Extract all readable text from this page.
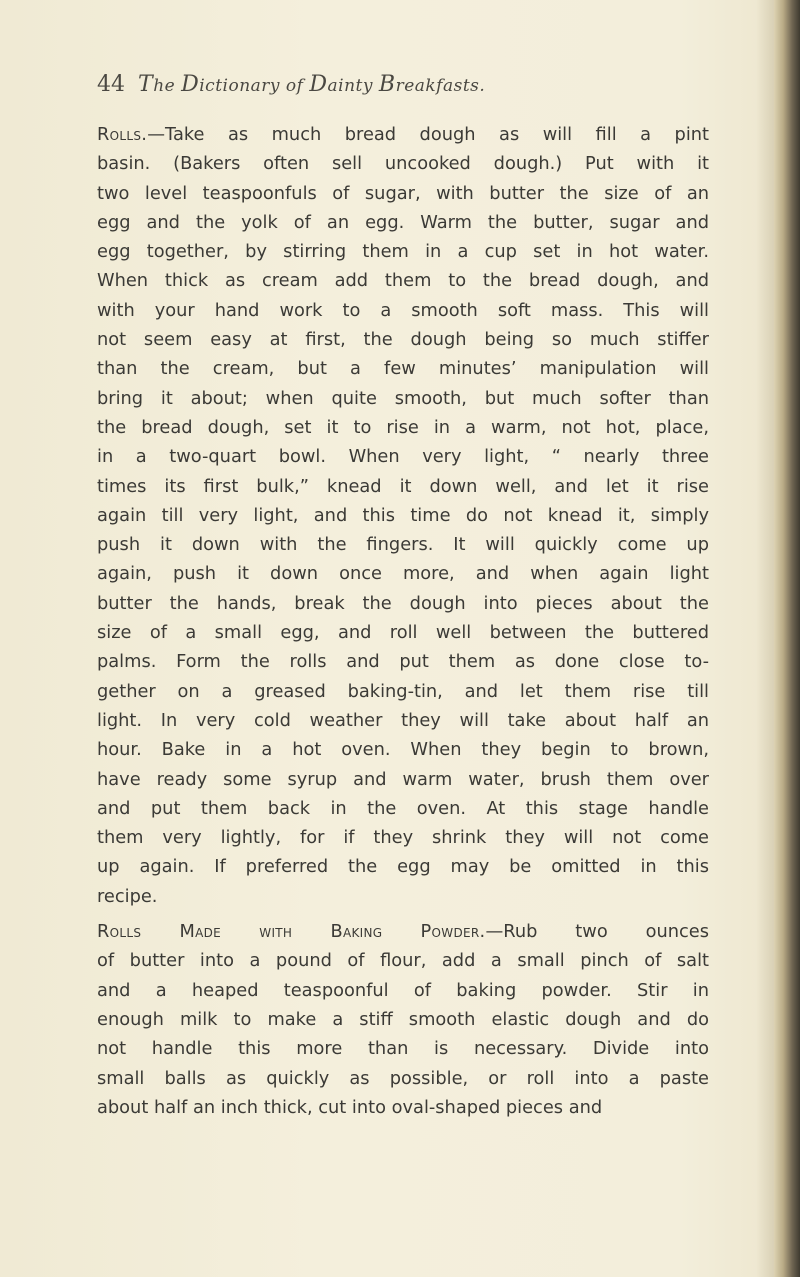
44 The Dictionary of Dainty Breakfasts.

Rolls.—Take as much bread dough as will fill a pint
basin. (Bakers often sell uncooked dough.) Put with it
two level teaspoonfuls of sugar, with butter the size of an
egg and the yolk of an egg. Warm the butter, sugar and
egg together, by stirring them in a cup set in hot water.
When thick as cream add them to the bread dough, and
with your hand work to a smooth soft mass. This will
not seem easy at first, the dough being so much stiffer
than the cream, but a few minutes’ manipulation will
bring it about; when quite smooth, but much softer than
the bread dough, set it to rise in a warm, not hot, place,
in a two-quart bowl. When very light, “ nearly three
times its first bulk,” knead it down well, and let it rise
again till very light, and this time do not knead it, simply
push it down with the fingers. It will quickly come up
again, push it down once more, and when again light
butter the hands, break the dough into pieces about the
size of a small egg, and roll well between the buttered
palms. Form the rolls and put them as done close to-
gether on a greased baking-tin, and let them rise till
light. In very cold weather they will take about half an
hour. Bake in a hot oven. When they begin to brown,
have ready some syrup and warm water, brush them over
and put them back in the oven. At this stage handle
them very lightly, for if they shrink they will not come
up again. If preferred the egg may be omitted in this
recipe.

Rolls Made with Baking Powder.—Rub two ounces
of butter into a pound of flour, add a small pinch of salt
and a heaped teaspoonful of baking powder. Stir in
enough milk to make a stiff smooth elastic dough and do
not handle this more than is necessary. Divide into
small balls as quickly as possible, or roll into a paste
about half an inch thick, cut into oval-shaped pieces and
